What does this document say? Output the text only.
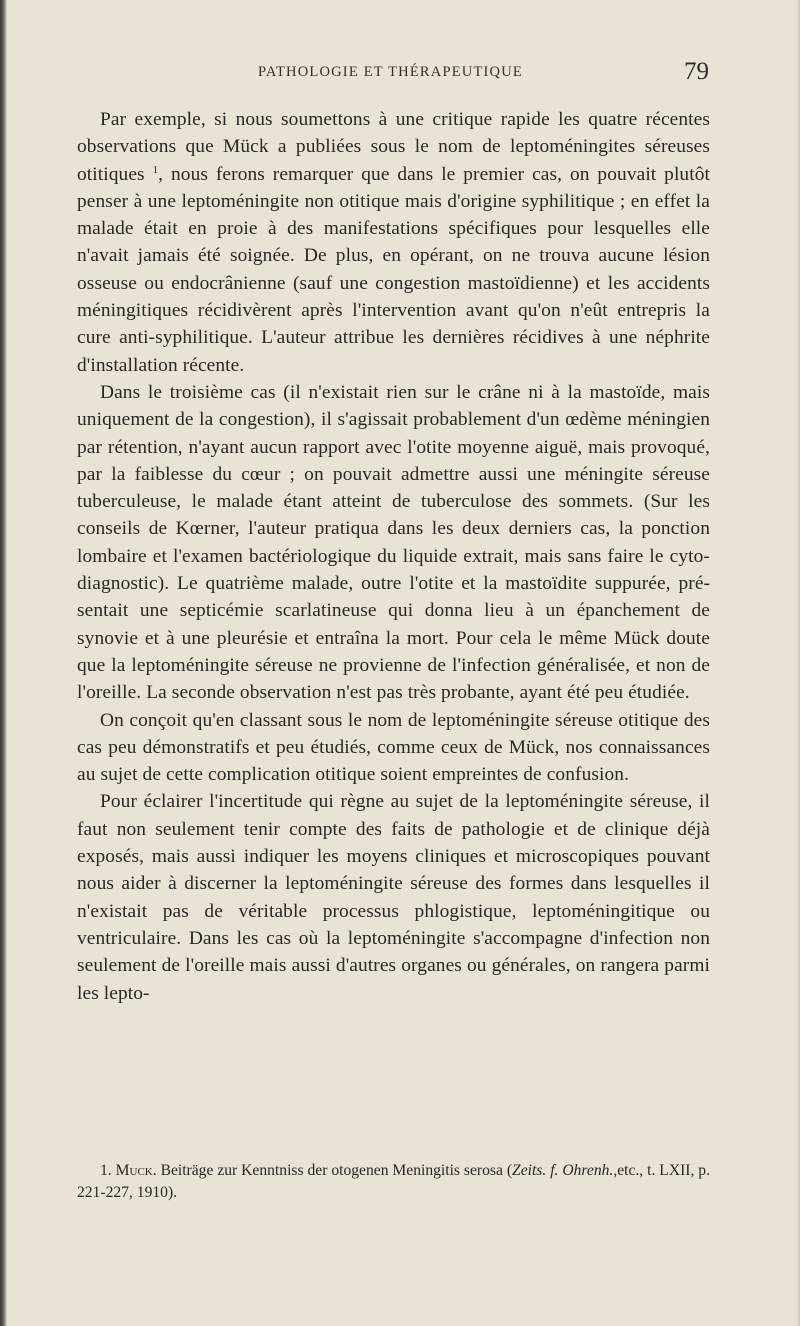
PATHOLOGIE ET THÉRAPEUTIQUE	79

Par exemple, si nous soumettons à une critique rapide les quatre récentes observations que Mück a publiées sous le nom de leptoméningites séreuses otitiques $^1$, nous ferons remarquer que dans le premier cas, on pouvait plutôt penser à une leptoméningite non otitique mais d'origine syphilitique ; en effet la malade était en proie à des manifestations spécifiques pour lesquelles elle n'avait jamais été soignée. De plus, en opérant, on ne trouva aucune lésion osseuse ou endocrânienne (sauf une congestion mastoïdienne) et les accidents méningitiques récidivèrent après l'intervention avant qu'on n'eût entrepris la cure anti-syphilitique. L'auteur attribue les dernières récidives à une néphrite d'installation récente.

Dans le troisième cas (il n'existait rien sur le crâne ni à la mastoïde, mais uniquement de la congestion), il s'agissait probablement d'un œdème méningien par rétention, n'ayant aucun rapport avec l'otite moyenne aiguë, mais provoqué, par la faiblesse du cœur ; on pouvait admettre aussi une méningite séreuse tuberculeuse, le malade étant atteint de tuberculose des sommets. (Sur les conseils de Kœrner, l'auteur pratiqua dans les deux derniers cas, la ponction lombaire et l'examen bactériologique du liquide extrait, mais sans faire le cyto-diagnostic). Le quatrième malade, outre l'otite et la mastoïdite suppurée, présentait une septicémie scarlatineuse qui donna lieu à un épanchement de synovie et à une pleurésie et entraîna la mort. Pour cela le même Mück doute que la leptoméningite séreuse ne provienne de l'infection généralisée, et non de l'oreille. La seconde observation n'est pas très probante, ayant été peu étudiée.

On conçoit qu'en classant sous le nom de leptoméningite séreuse otitique des cas peu démonstratifs et peu étudiés, comme ceux de Mück, nos connaissances au sujet de cette complication otitique soient empreintes de confusion.

Pour éclairer l'incertitude qui règne au sujet de la leptoméningite séreuse, il faut non seulement tenir compte des faits de pathologie et de clinique déjà exposés, mais aussi indiquer les moyens cliniques et microscopiques pouvant nous aider à discerner la leptoméningite séreuse des formes dans lesquelles il n'existait pas de véritable processus phlogistique, leptoméningitique ou ventriculaire. Dans les cas où la leptoméningite s'accompagne d'infection non seulement de l'oreille mais aussi d'autres organes ou générales, on rangera parmi les lepto-

1. Muck. Beiträge zur Kenntniss der otogenen Meningitis serosa (Zeits. f. Ohrenh.,etc., t. LXII, p. 221-227, 1910).
